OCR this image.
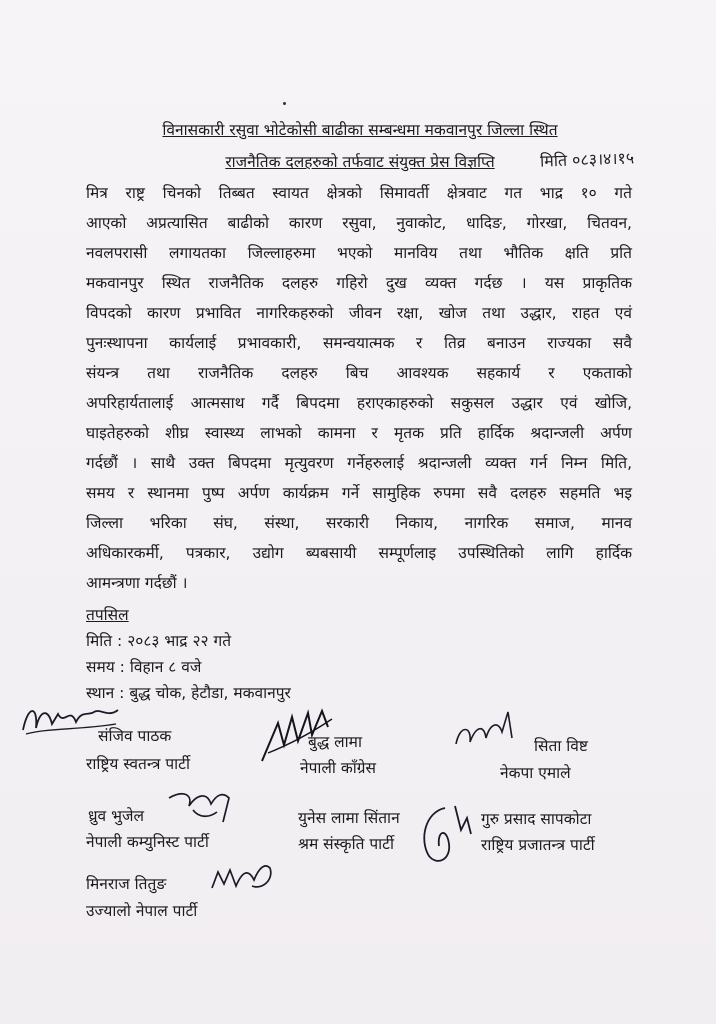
विनासकारी रसुवा भोटेकोसी बाढीका सम्बन्धमा मकवानपुर जिल्ला स्थित
राजनैतिक दलहरुको तर्फवाट संयुक्त प्रेस विज्ञप्ति	मिति ०८३।४।१५
मित्र राष्ट्र चिनको तिब्बत स्वायत क्षेत्रको सिमावर्ती क्षेत्रवाट गत भाद्र १० गते
आएको अप्रत्यासित बाढीको कारण रसुवा, नुवाकोट, धादिङ, गोरखा, चितवन,
नवलपरासी लगायतका जिल्लाहरुमा भएको मानविय तथा भौतिक क्षति प्रति
मकवानपुर स्थित राजनैतिक दलहरु गहिरो दुख व्यक्त गर्दछ । यस प्राकृतिक
विपदको कारण प्रभावित नागरिकहरुको जीवन रक्षा, खोज तथा उद्धार, राहत एवं
पुनःस्थापना कार्यलाई प्रभावकारी, समन्वयात्मक र तिव्र बनाउन राज्यका सवै
संयन्त्र तथा राजनैतिक दलहरु बिच आवश्यक सहकार्य र एकताको
अपरिहार्यतालाई आत्मसाथ गर्दै बिपदमा हराएकाहरुको सकुसल उद्धार एवं खोजि,
घाइतेहरुको शीघ्र स्वास्थ्य लाभको कामना र मृतक प्रति हार्दिक श्रदान्जली अर्पण
गर्दछौं । साथै उक्त बिपदमा मृत्युवरण गर्नेहरुलाई श्रदान्जली व्यक्त गर्न निम्न मिति,
समय र स्थानमा पुष्प अर्पण कार्यक्रम गर्ने सामुहिक रुपमा सवै दलहरु सहमति भइ
जिल्ला भरिका संघ, संस्था, सरकारी निकाय, नागरिक समाज, मानव
अधिकारकर्मी, पत्रकार, उद्योग ब्यबसायी सम्पूर्णलाइ उपस्थितिको लागि हार्दिक
आमन्त्रणा गर्दछौं ।
तपसिल
मिति : २०८३ भाद्र २२ गते
समय : विहान ८ वजे
स्थान : बुद्ध चोक, हेटौडा, मकवानपुर
संजिव पाठक
राष्ट्रिय स्वतन्त्र पार्टी
बुद्ध लामा
नेपाली काँग्रेस
सिता विष्ट
नेकपा एमाले
ध्रुव भुजेल
नेपाली कम्युनिस्ट पार्टी
युनेस लामा सिंतान
श्रम संस्कृति पार्टी
गुरु प्रसाद सापकोटा
राष्ट्रिय प्रजातन्त्र पार्टी
मिनराज तितुङ
उज्यालो नेपाल पार्टी
